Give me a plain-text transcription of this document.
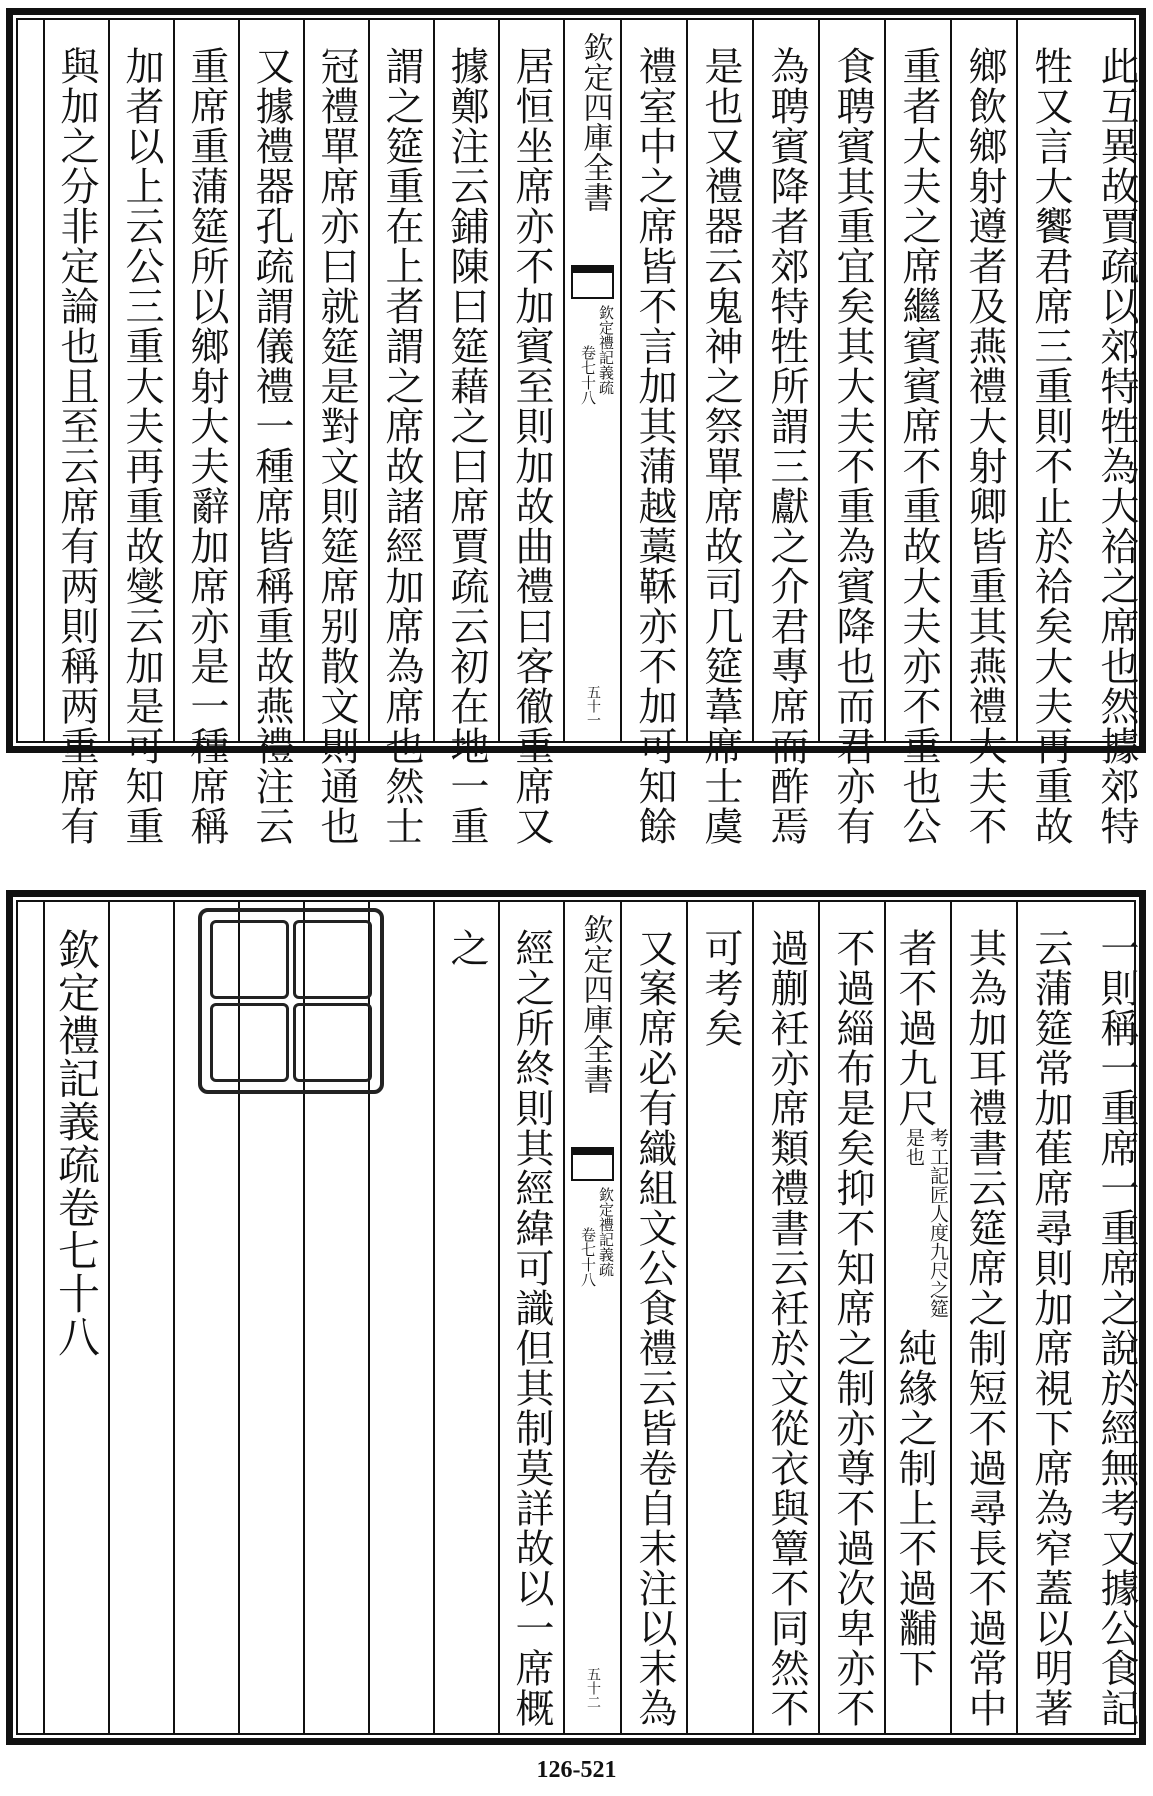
此互異故賈疏以郊特牲為大祫之席也然據郊特
牲又言大饗君席三重則不止於祫矣大夫再重故
鄉飲鄉射遵者及燕禮大射卿皆重其燕禮大夫不
重者大夫之席繼賓賓席不重故大夫亦不重也公
食聘賓其重宜矣其大夫不重為賓降也而君亦有
為聘賓降者郊特牲所謂三獻之介君專席而酢焉
是也又禮器云鬼神之祭單席故司几筵葦席士虞
禮室中之席皆不言加其蒲越藁鞂亦不加可知餘
欽定四庫全書
欽定禮記義疏
卷七十八
五十一
居恒坐席亦不加賓至則加故曲禮曰客徹重席又
據鄭注云鋪陳曰筵藉之曰席賈疏云初在地一重
謂之筵重在上者謂之席故諸經加席為席也然士
冠禮單席亦曰就筵是對文則筵席别散文則通也
又據禮器孔疏謂儀禮一種席皆稱重故燕禮注云
重席重蒲筵所以鄉射大夫辭加席亦是一種席稱
加者以上云公三重大夫再重故燮云加是可知重
與加之分非定論也且至云席有两則稱两重席有
一則稱一重席一重席之說於經無考又據公食記
云蒲筵常加萑席尋則加席視下席為窄蓋以明著
其為加耳禮書云筵席之制短不過尋長不過常中
者不過九尺考工記匠人度九尺之筵是也純緣之制上不過黼下
不過緇布是矣抑不知席之制亦尊不過次卑亦不
過蒯衽亦席類禮書云衽於文從衣與簟不同然不
可考矣
又案席必有織組文公食禮云皆卷自末注以末為
欽定四庫全書
欽定禮記義疏
卷七十八
五十二
經之所終則其經緯可識但其制莫詳故以一席概
之
欽定禮記義疏卷七十八
126-521
